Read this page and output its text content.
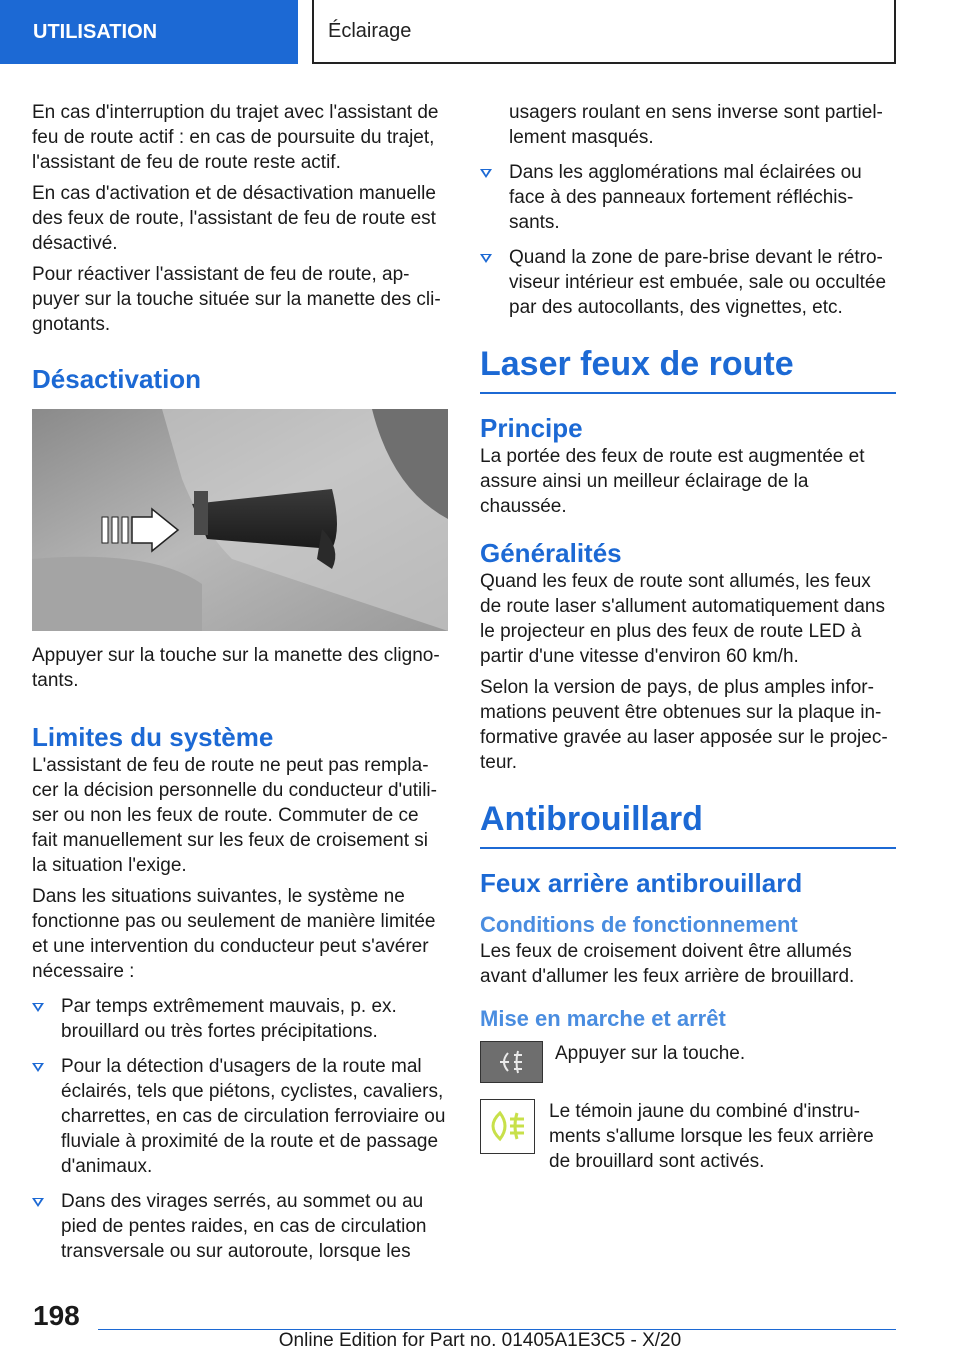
UTILISATION	Éclairage

En cas d'interruption du trajet avec l'assistant de feu de route actif : en cas de poursuite du trajet, l'assistant de feu de route reste actif.

En cas d'activation et de désactivation manuelle des feux de route, l'assistant de feu de route est désactivé.

Pour réactiver l'assistant de feu de route, ap-puyer sur la touche située sur la manette des cli-gnotants.

Désactivation

Appuyer sur la touche sur la manette des cligno-tants.

Limites du système

L'assistant de feu de route ne peut pas rempla-cer la décision personnelle du conducteur d'utili-ser ou non les feux de route. Commuter de ce fait manuellement sur les feux de croisement si la situation l'exige.

Dans les situations suivantes, le système ne fonctionne pas ou seulement de manière limitée et une intervention du conducteur peut s'avérer nécessaire :

Par temps extrêmement mauvais, p. ex. brouillard ou très fortes précipitations.
Pour la détection d'usagers de la route mal éclairés, tels que piétons, cyclistes, cavaliers, charrettes, en cas de circulation ferroviaire ou fluviale à proximité de la route et de passage d'animaux.
Dans des virages serrés, au sommet ou au pied de pentes raides, en cas de circulation transversale ou sur autoroute, lorsque les

usagers roulant en sens inverse sont partiel-lement masqués.

Dans les agglomérations mal éclairées ou face à des panneaux fortement réfléchis-sants.
Quand la zone de pare-brise devant le rétro-viseur intérieur est embuée, sale ou occultée par des autocollants, des vignettes, etc.
Laser feux de route
Principe

La portée des feux de route est augmentée et assure ainsi un meilleur éclairage de la chaussée.

Généralités

Quand les feux de route sont allumés, les feux de route laser s'allument automatiquement dans le projecteur en plus des feux de route LED à partir d'une vitesse d'environ 60 km/h.

Selon la version de pays, de plus amples infor-mations peuvent être obtenues sur la plaque in-formative gravée au laser apposée sur le projec-teur.

Antibrouillard
Feux arrière antibrouillard
Conditions de fonctionnement

Les feux de croisement doivent être allumés avant d'allumer les feux arrière de brouillard.

Mise en marche et arrêt

Appuyer sur la touche.

Le témoin jaune du combiné d'instru-ments s'allume lorsque les feux arrière de brouillard sont activés.

198
Online Edition for Part no. 01405A1E3C5 - X/20
